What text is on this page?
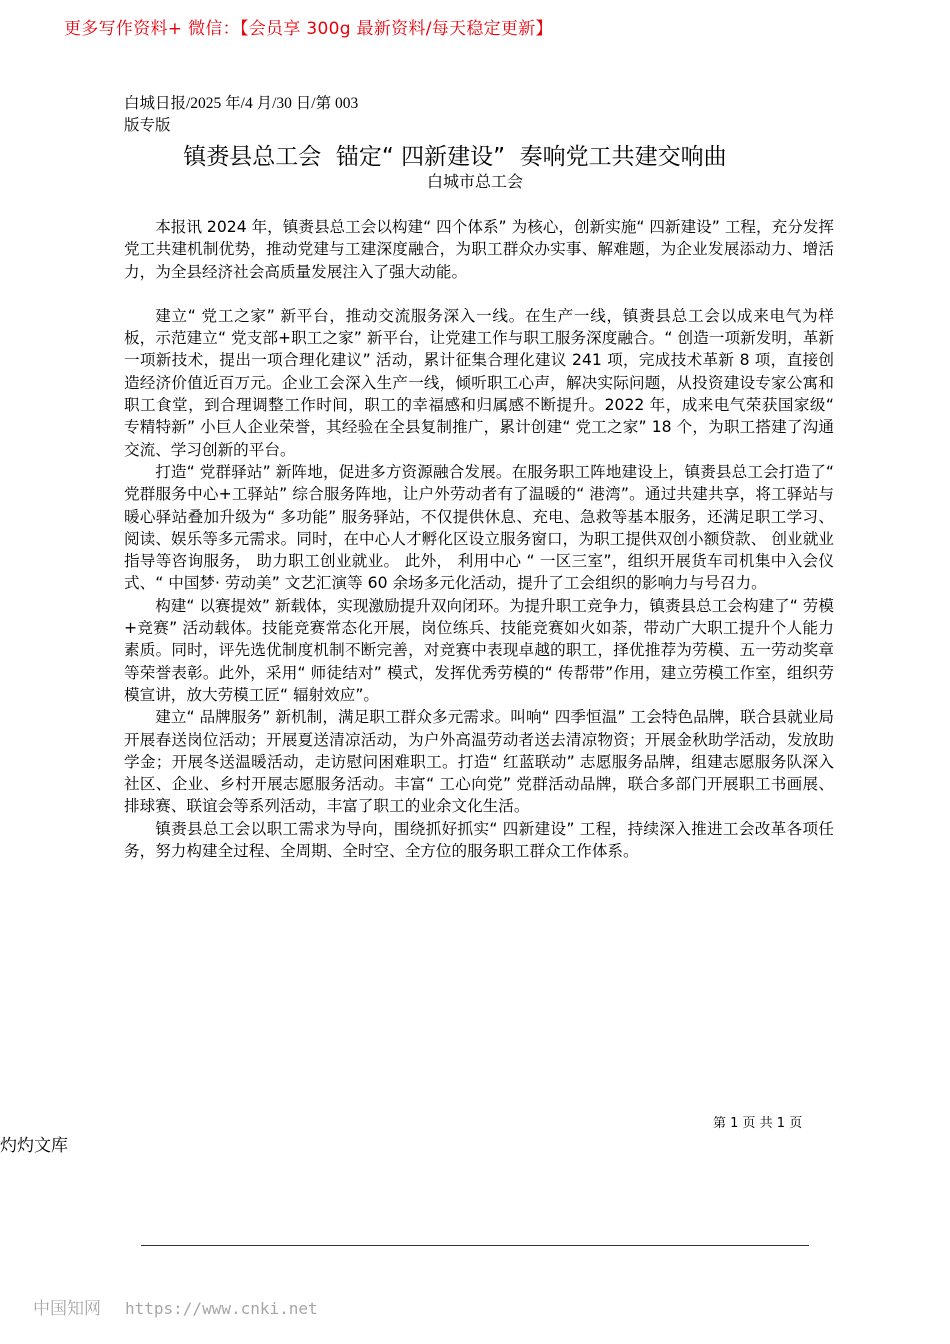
更多写作资料+ 微信：【会员享 300g 最新资料/每天稳定更新】
白城日报/2025 年/4 月/30 日/第 003
版专版
镇赉县总工会  锚定“ 四新建设”  奏响党工共建交响曲
白城市总工会

本报讯 2024 年，镇赉县总工会以构建“ 四个体系” 为核心，创新实施“ 四新建设” 工程，充分发挥党工共建机制优势，推动党建与工建深度融合，为职工群众办实事、解难题，为企业发展添动力、增活力，为全县经济社会高质量发展注入了强大动能。

建立“ 党工之家” 新平台，推动交流服务深入一线。在生产一线，镇赉县总工会以成来电气为样板，示范建立“ 党支部+职工之家” 新平台，让党建工作与职工服务深度融合。“ 创造一项新发明，革新一项新技术，提出一项合理化建议” 活动，累计征集合理化建议 241 项，完成技术革新 8 项，直接创造经济价值近百万元。企业工会深入生产一线，倾听职工心声，解决实际问题，从投资建设专家公寓和职工食堂，到合理调整工作时间，职工的幸福感和归属感不断提升。2022 年，成来电气荣获国家级“ 专精特新” 小巨人企业荣誉，其经验在全县复制推广，累计创建“ 党工之家” 18 个，为职工搭建了沟通交流、学习创新的平台。

打造“ 党群驿站” 新阵地，促进多方资源融合发展。在服务职工阵地建设上，镇赉县总工会打造了“ 党群服务中心+工驿站” 综合服务阵地，让户外劳动者有了温暖的“ 港湾”。通过共建共享，将工驿站与暖心驿站叠加升级为“ 多功能” 服务驿站，不仅提供休息、充电、急救等基本服务，还满足职工学习、阅读、娱乐等多元需求。同时，在中心人才孵化区设立服务窗口，为职工提供双创小额贷款、 创业就业指导等咨询服务， 助力职工创业就业。 此外， 利用中心 “ 一区三室”，组织开展货车司机集中入会仪式、“ 中国梦· 劳动美” 文艺汇演等 60 余场多元化活动，提升了工会组织的影响力与号召力。

构建“ 以赛提效” 新载体，实现激励提升双向闭环。为提升职工竞争力，镇赉县总工会构建了“ 劳模+竞赛” 活动载体。技能竞赛常态化开展，岗位练兵、技能竞赛如火如荼，带动广大职工提升个人能力素质。同时，评先选优制度机制不断完善，对竞赛中表现卓越的职工，择优推荐为劳模、五一劳动奖章等荣誉表彰。此外，采用“ 师徒结对” 模式，发挥优秀劳模的“ 传帮带”作用，建立劳模工作室，组织劳模宣讲，放大劳模工匠“ 辐射效应”。

建立“ 品牌服务” 新机制，满足职工群众多元需求。叫响“ 四季恒温” 工会特色品牌，联合县就业局开展春送岗位活动；开展夏送清凉活动，为户外高温劳动者送去清凉物资；开展金秋助学活动，发放助学金；开展冬送温暖活动，走访慰问困难职工。打造“ 红蓝联动” 志愿服务品牌，组建志愿服务队深入社区、企业、乡村开展志愿服务活动。丰富“ 工心向党” 党群活动品牌，联合多部门开展职工书画展、排球赛、联谊会等系列活动，丰富了职工的业余文化生活。

镇赉县总工会以职工需求为导向，围绕抓好抓实“ 四新建设” 工程，持续深入推进工会改革各项任务，努力构建全过程、全周期、全时空、全方位的服务职工群众工作体系。

第 1 页 共 1 页
灼灼文库
中国知网 https://www.cnki.net
